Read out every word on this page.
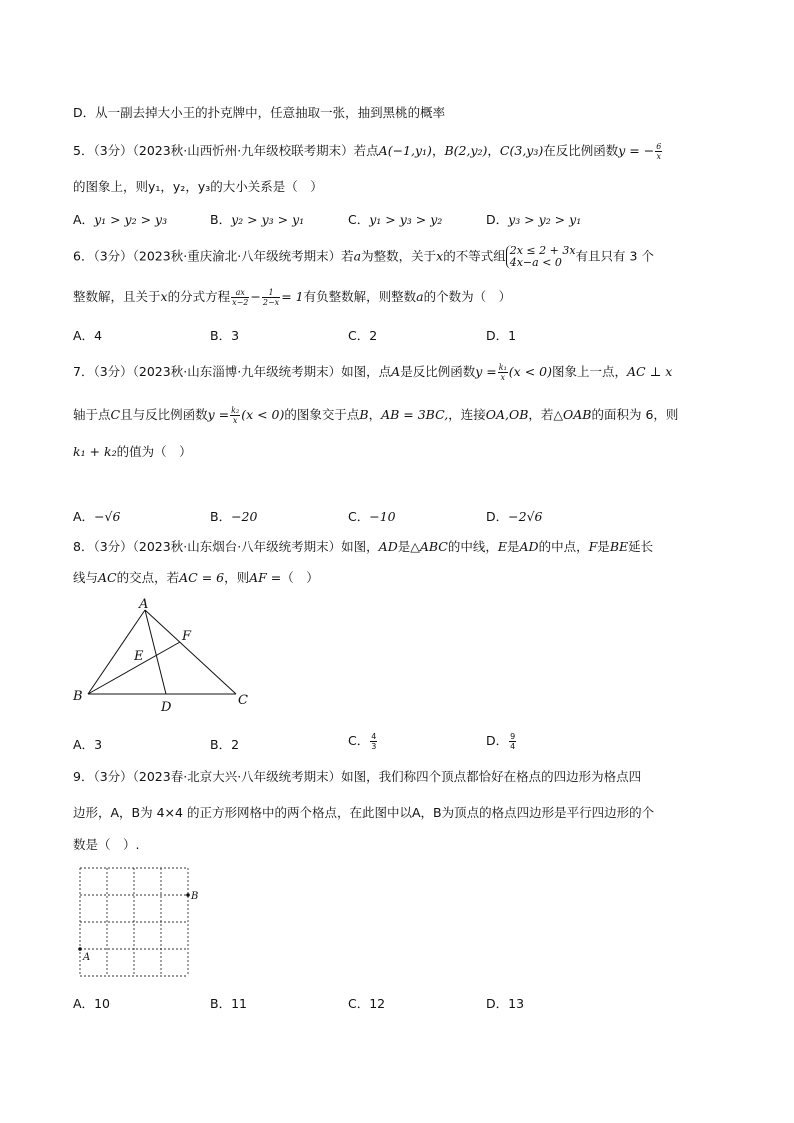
D．从一副去掉大小王的扑克牌中，任意抽取一张，抽到黑桃的概率
5．（3分）（2023秋·山西忻州·九年级校联考期末）若点A(−1,y₁)，B(2,y₂)，C(3,y₃)在反比例函数y = − $\frac{6}{x}$
的图象上，则y₁，y₂，y₃的大小关系是（　）
A．y₁ > y₂ > y₃	B．y₂ > y₃ > y₁	C．y₁ > y₃ > y₂	D．y₃ > y₂ > y₁
6．（3分）（2023秋·重庆渝北·八年级统考期末）若a为整数，关于x的不等式组 2x ≤ 2 + 3x
4x−a < 0	有且只有 3 个
整数解，且关于x的分式方程 $\frac{ax}{x-2} - \frac{1}{2-x} = 1$有负整数解，则整数a的个数为（　）
A．4	B．3	C．2	D．1
7．（3分）（2023秋·山东淄博·九年级统考期末）如图，点A是反比例函数$y = \frac{\text{k₁}}{x} (x < 0)$图象上一点，AC ⊥ x
轴于点C且与反比例函数$y = \frac{\text{k₂}}{x} (x < 0)$的图象交于点B，AB = 3BC,，连接OA,OB，若△OAB的面积为 6，则
k₁ + k₂的值为（　）
A．−√6	B．−20	C．−10	D．−2√6
8．（3分）（2023秋·山东烟台·八年级统考期末）如图，AD是△ABC的中线，E是AD的中点，F是BE延长
线与AC的交点，若AC = 6，则AF =（　）
A
B	C
D
E
F
A．3	B．2	C． $\frac{4}{3}$	D． $\frac{9}{4}$
9．（3分）（2023春·北京大兴·八年级统考期末）如图，我们称四个顶点都恰好在格点的四边形为格点四
边形，A，B为 4×4 的正方形网格中的两个格点，在此图中以A，B为顶点的格点四边形是平行四边形的个
数是（　）.
A
B
A．10	B．11	C．12	D．13
